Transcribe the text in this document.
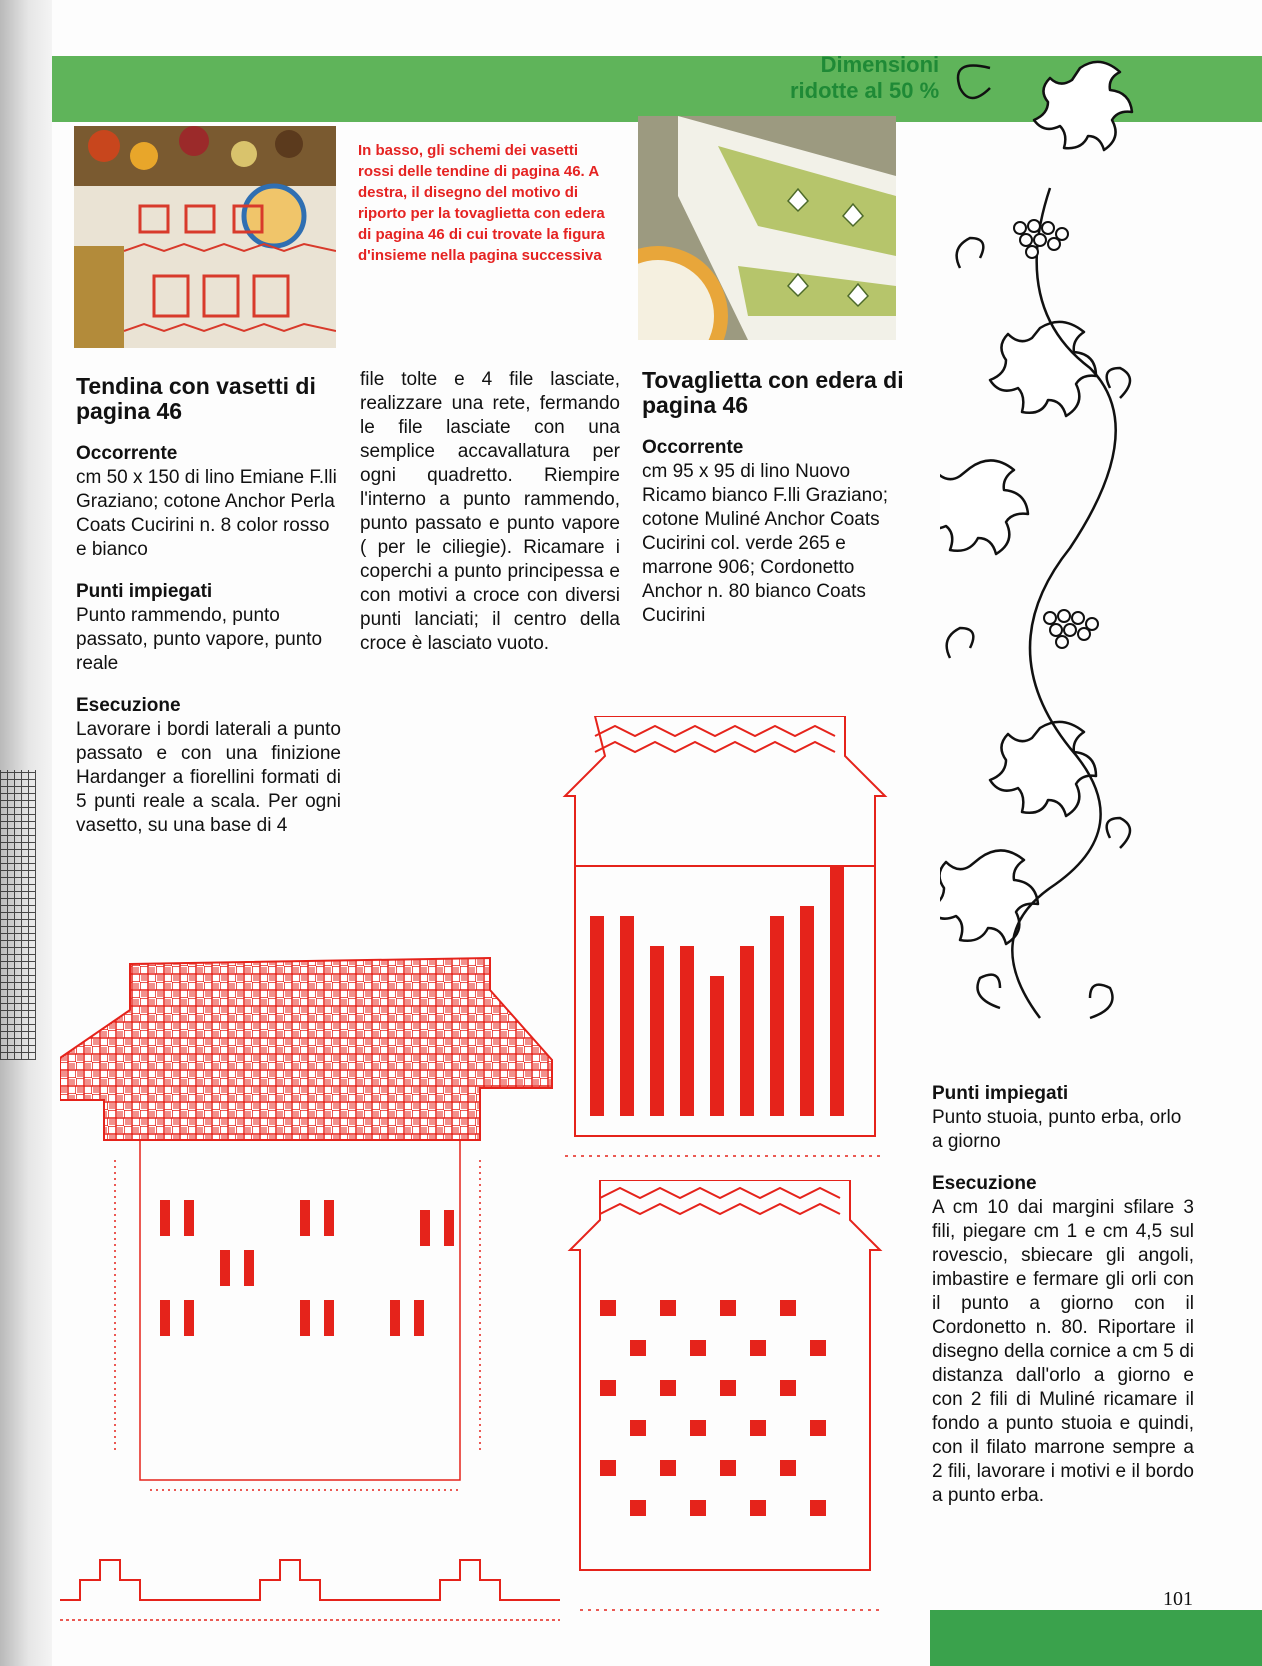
Dimensioni
ridotte al 50 %
In basso, gli schemi dei vasetti rossi delle tendine di pagina 46. A destra, il disegno del motivo di riporto per la tovaglietta con edera di pagina 46 di cui trovate la figura d'insieme nella pagina successiva
Tendina con vasetti di pagina 46
Occorrente
cm 50 x 150 di lino Emiane F.lli Graziano; cotone Anchor Perla Coats Cucirini n. 8 color rosso e bianco
Punti impiegati
Punto rammendo, punto passato, punto vapore, punto reale
Esecuzione
Lavorare i bordi laterali a punto passato e con una finizione Hardanger a fiorellini formati di 5 punti reale a scala. Per ogni vasetto, su una base di 4
file tolte e 4 file lasciate, realizzare una rete, fermando le file lasciate con una semplice accavallatura per ogni quadretto. Riempire l'interno a punto rammendo, punto passato e punto vapore ( per le ciliegie). Ricamare i coperchi a punto principessa e con motivi a croce con diversi punti lanciati; il centro della croce è lasciato vuoto.
Tovaglietta con edera di pagina 46
Occorrente
cm 95 x 95 di lino Nuovo Ricamo bianco F.lli Graziano; cotone Muliné Anchor Coats Cucirini col. verde 265 e marrone 906; Cordonetto Anchor n. 80 bianco Coats Cucirini
Punti impiegati
Punto stuoia, punto erba, orlo a giorno
Esecuzione
A cm 10 dai margini sfilare 3 fili, piegare cm 1 e cm 4,5 sul rovescio, sbiecare gli angoli, imbastire e fermare gli orli con il punto a giorno con il Cordonetto n. 80. Riportare il disegno della cornice a cm 5 di distanza dall'orlo a giorno e con 2 fili di Muliné ricamare il fondo a punto stuoia e quindi, con il filato marrone sempre a 2 fili, lavorare i motivi e il bordo a punto erba.
101
